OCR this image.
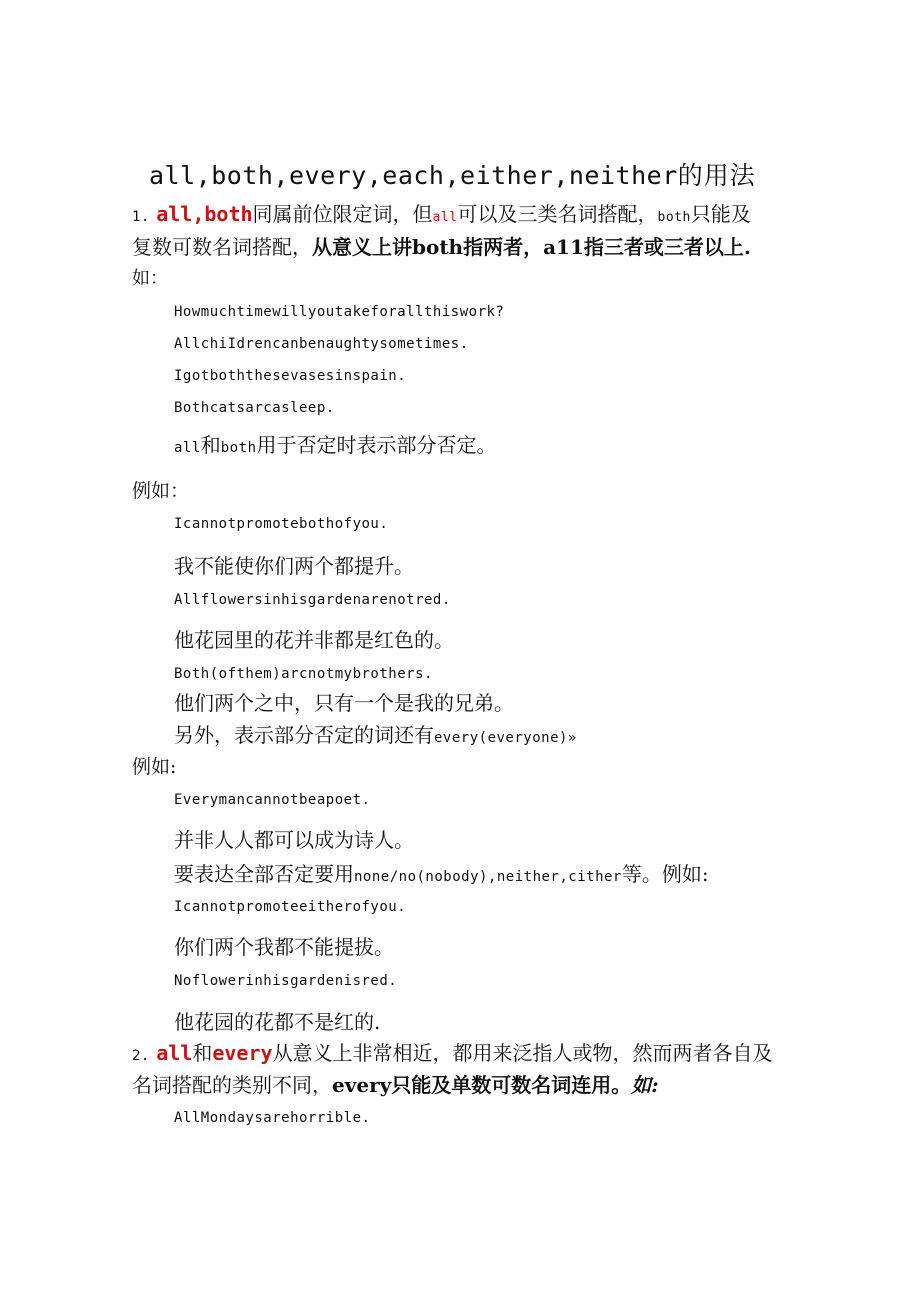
all,both,every,each,either,neither的用法
1. all,both同属前位限定词，但all可以及三类名词搭配，both只能及
复数可数名词搭配，从意义上讲both指两者，a11指三者或三者以上.
如：
Howmuchtimewillyoutakeforallthiswork?
AllchiIdrencanbenaughtysometimes.
Igotboththesevasesinspain.
Bothcatsarcasleep.
all和both用于否定时表示部分否定。
例如：
Icannotpromotebothofyou.
我不能使你们两个都提升。
Allflowersinhisgardenarenotred.
他花园里的花并非都是红色的。
Both(ofthem)arcnotmybrothers.
他们两个之中，只有一个是我的兄弟。
另外，表示部分否定的词还有every(everyone)»
例如:
Everymancannotbeapoet.
并非人人都可以成为诗人。
要表达全部否定要用none/no(nobody),neither,cither等。例如:
Icannotpromoteeitherofyou.
你们两个我都不能提拔。
Noflowerinhisgardenisred.
他花园的花都不是红的.
2. all和every从意义上非常相近，都用来泛指人或物，然而两者各自及
名词搭配的类别不同，every只能及单数可数名词连用。如:
AllMondaysarehorrible.
